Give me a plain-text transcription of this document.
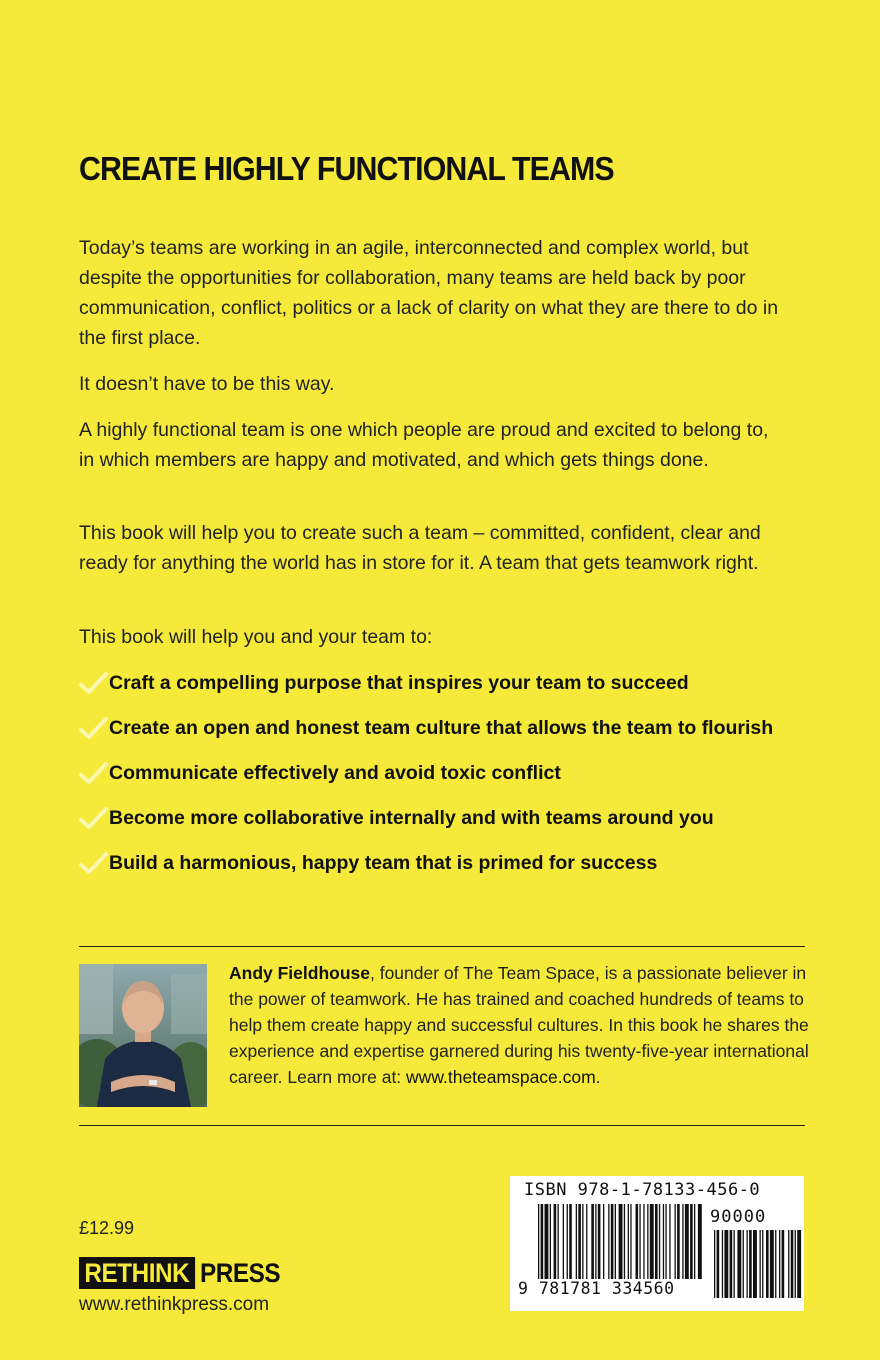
CREATE HIGHLY FUNCTIONAL TEAMS

Today’s teams are working in an agile, interconnected and complex world, but despite the opportunities for collaboration, many teams are held back by poor communication, conflict, politics or a lack of clarity on what they are there to do in the first place.

It doesn’t have to be this way.

A highly functional team is one which people are proud and excited to belong to, in which members are happy and motivated, and which gets things done.

This book will help you to create such a team – committed, confident, clear and ready for anything the world has in store for it. A team that gets teamwork right.

This book will help you and your team to:

Craft a compelling purpose that inspires your team to succeed
Create an open and honest team culture that allows the team to flourish
Communicate effectively and avoid toxic conflict
Become more collaborative internally and with teams around you
Build a harmonious, happy team that is primed for success

Andy Fieldhouse, founder of The Team Space, is a passionate believer in the power of teamwork. He has trained and coached hundreds of teams to help them create happy and successful cultures. In this book he shares the experience and expertise garnered during his twenty-five-year international career. Learn more at: www.theteamspace.com.

£12.99
RETHINK PRESS
www.rethinkpress.com
ISBN 978-1-78133-456-0
90000
9 781781 334560
